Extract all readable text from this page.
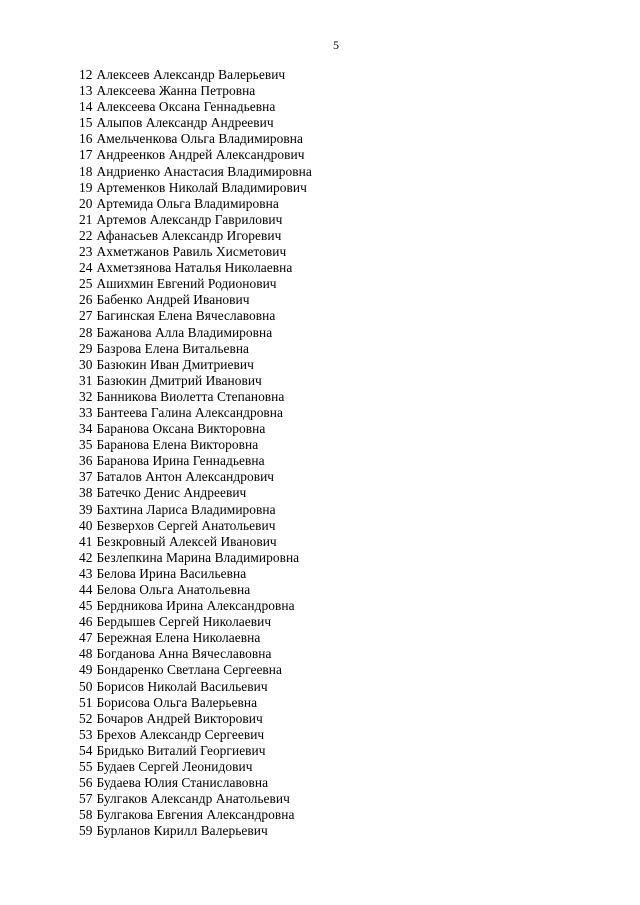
5
12 Алексеев Александр Валерьевич
13 Алексеева Жанна Петровна
14 Алексеева Оксана Геннадьевна
15 Алыпов Александр Андреевич
16 Амельченкова Ольга Владимировна
17 Андреенков Андрей Александрович
18 Андриенко Анастасия Владимировна
19 Артеменков Николай Владимирович
20 Артемида Ольга Владимировна
21 Артемов Александр Гаврилович
22 Афанасьев Александр Игоревич
23 Ахметжанов Равиль Хисметович
24 Ахметзянова Наталья Николаевна
25 Ашихмин Евгений Родионович
26 Бабенко Андрей Иванович
27 Багинская Елена Вячеславовна
28 Бажанова Алла Владимировна
29 Базрова Елена Витальевна
30 Базюкин Иван Дмитриевич
31 Базюкин Дмитрий Иванович
32 Банникова Виолетта Степановна
33 Бантеева Галина Александровна
34 Баранова Оксана Викторовна
35 Баранова Елена Викторовна
36 Баранова Ирина Геннадьевна
37 Баталов Антон Александрович
38 Батечко Денис Андреевич
39 Бахтина Лариса Владимировна
40 Безверхов Сергей Анатольевич
41 Безкровный Алексей Иванович
42 Безлепкина Марина Владимировна
43 Белова Ирина Васильевна
44 Белова Ольга Анатольевна
45 Бердникова Ирина Александровна
46 Бердышев Сергей Николаевич
47 Бережная Елена Николаевна
48 Богданова Анна Вячеславовна
49 Бондаренко Светлана Сергеевна
50 Борисов Николай Васильевич
51 Борисова Ольга Валерьевна
52 Бочаров Андрей Викторович
53 Брехов Александр Сергеевич
54 Бридько Виталий Георгиевич
55 Будаев Сергей Леонидович
56 Будаева Юлия Станиславовна
57 Булгаков Александр Анатольевич
58 Булгакова Евгения Александровна
59 Бурланов Кирилл Валерьевич
